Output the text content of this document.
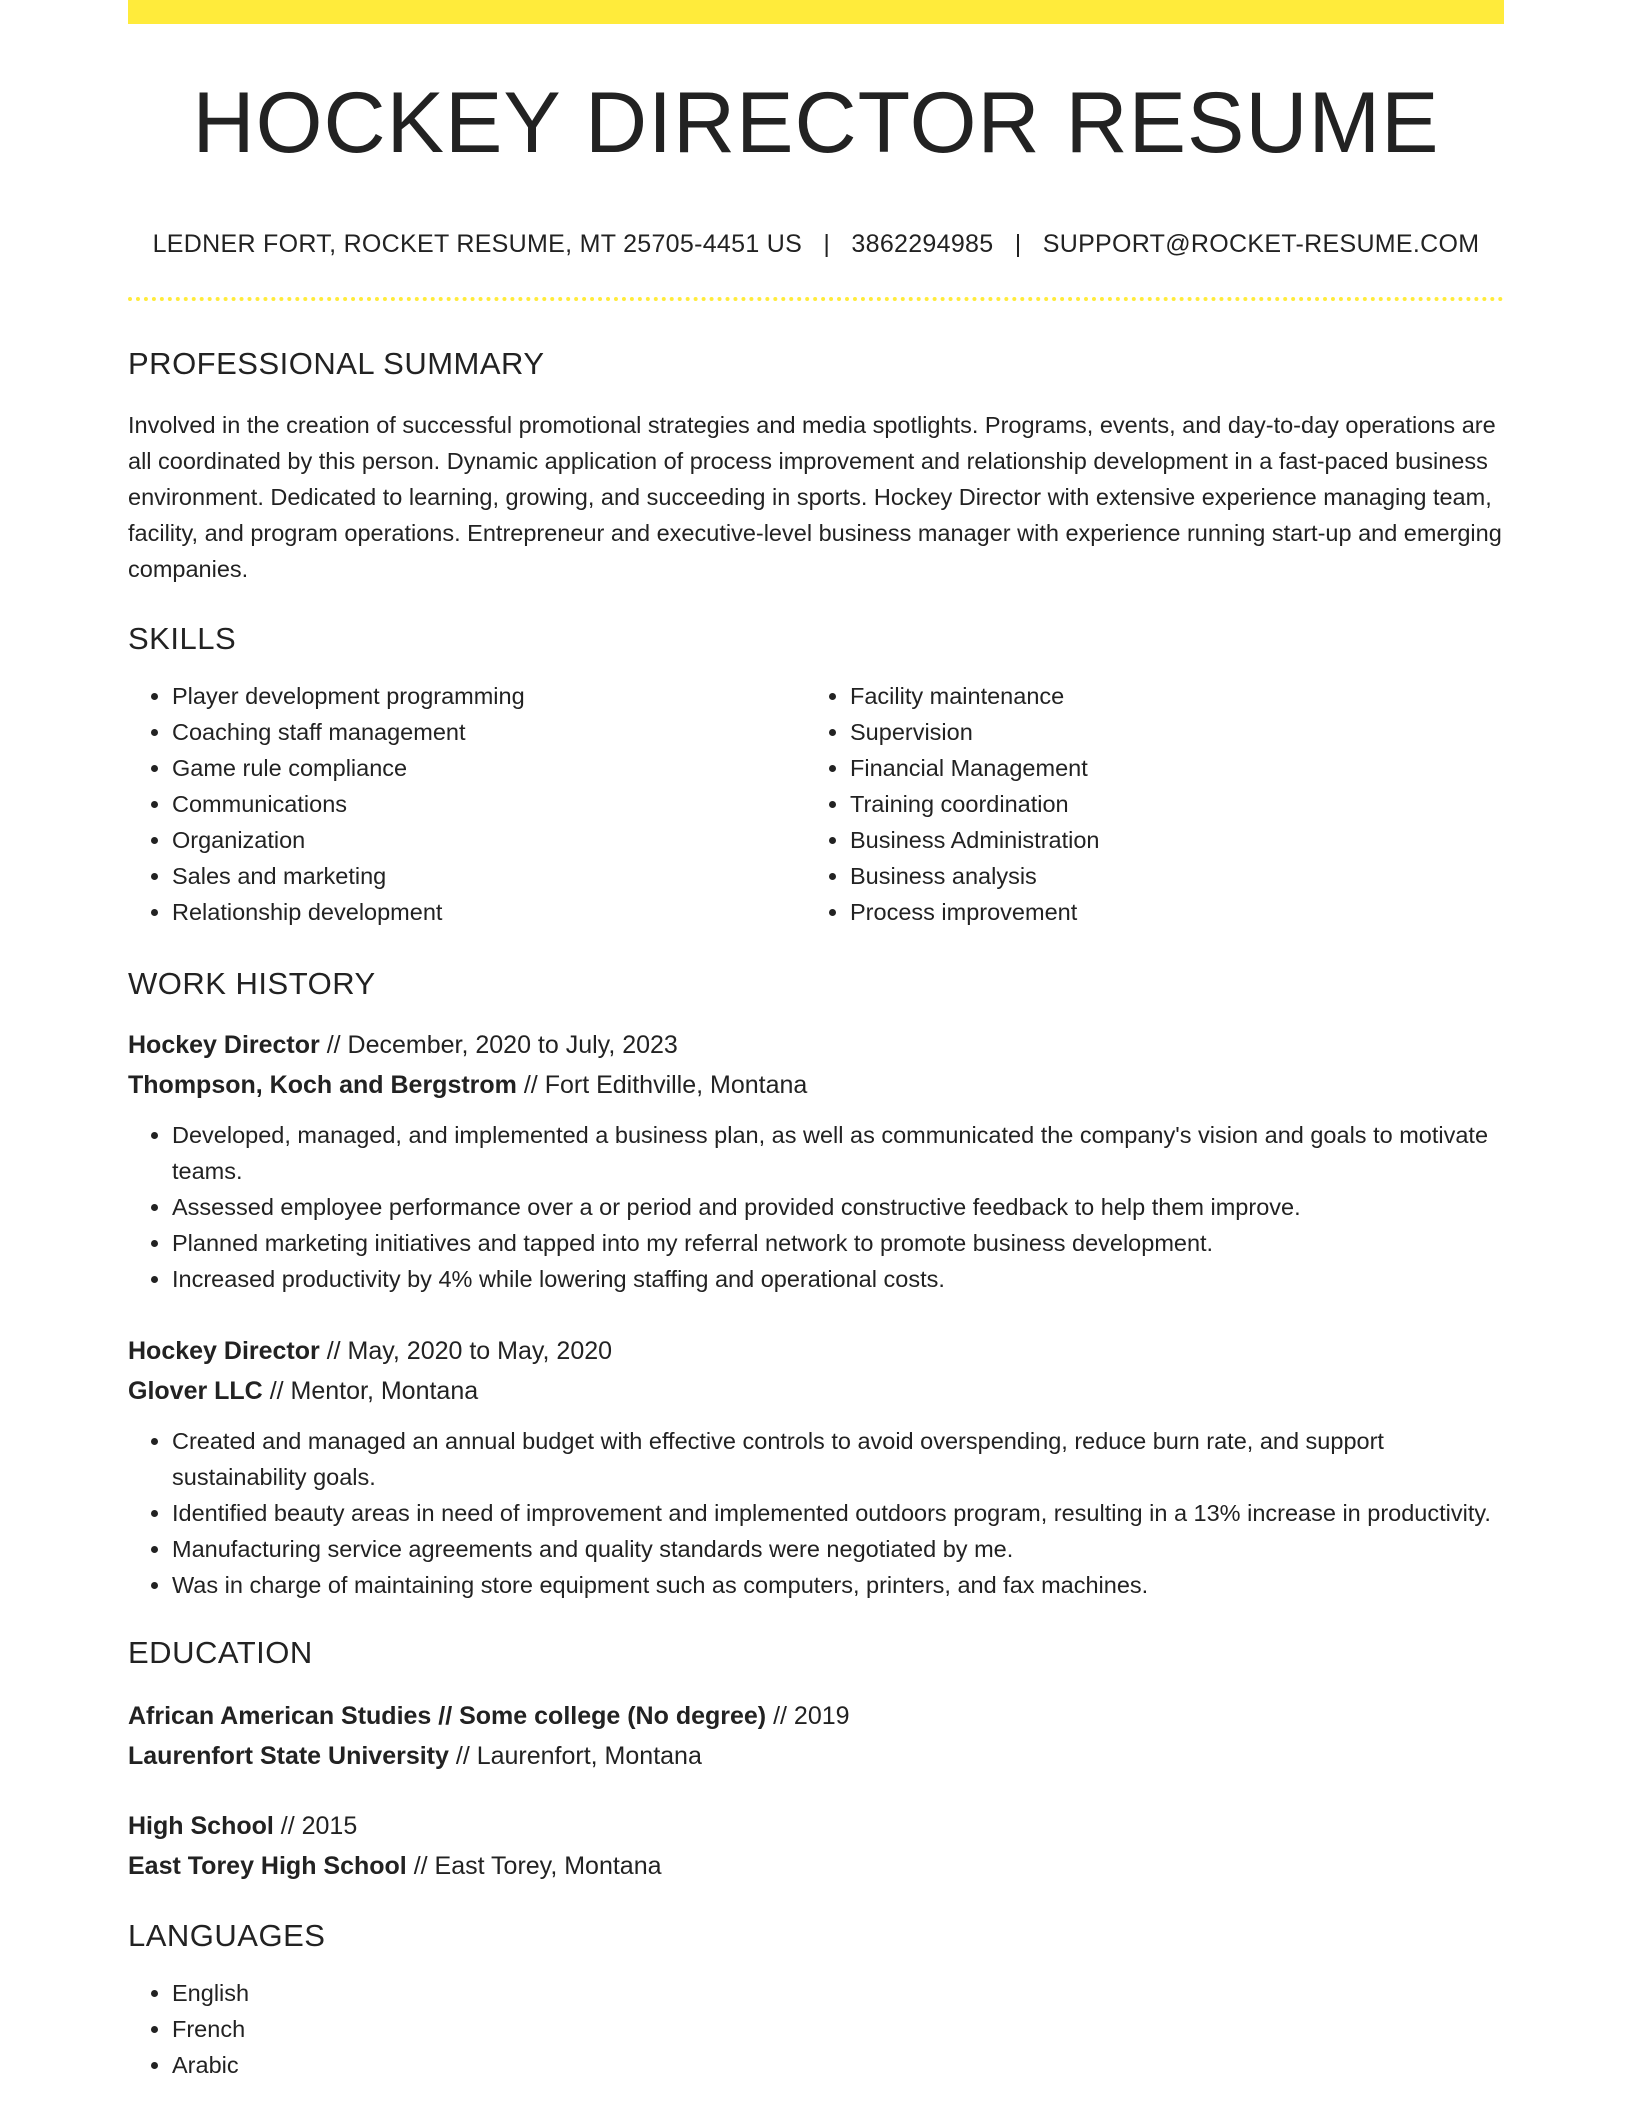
HOCKEY DIRECTOR RESUME
LEDNER FORT, ROCKET RESUME, MT 25705-4451 US | 3862294985 | SUPPORT@ROCKET-RESUME.COM
PROFESSIONAL SUMMARY

Involved in the creation of successful promotional strategies and media spotlights. Programs, events, and day-to-day operations are all coordinated by this person. Dynamic application of process improvement and relationship development in a fast-paced business environment. Dedicated to learning, growing, and succeeding in sports. Hockey Director with extensive experience managing team, facility, and program operations. Entrepreneur and executive-level business manager with experience running start-up and emerging companies.

SKILLS
• Player development programming
• Coaching staff management
• Game rule compliance
• Communications
• Organization
• Sales and marketing
• Relationship development
• Facility maintenance
• Supervision
• Financial Management
• Training coordination
• Business Administration
• Business analysis
• Process improvement
WORK HISTORY

Hockey Director // December, 2020 to July, 2023

Thompson, Koch and Bergstrom // Fort Edithville, Montana

• Developed, managed, and implemented a business plan, as well as communicated the company's vision and goals to motivate teams.
• Assessed employee performance over a or period and provided constructive feedback to help them improve.
• Planned marketing initiatives and tapped into my referral network to promote business development.
• Increased productivity by 4% while lowering staffing and operational costs.

Hockey Director // May, 2020 to May, 2020

Glover LLC // Mentor, Montana

• Created and managed an annual budget with effective controls to avoid overspending, reduce burn rate, and support sustainability goals.
• Identified beauty areas in need of improvement and implemented outdoors program, resulting in a 13% increase in productivity.
• Manufacturing service agreements and quality standards were negotiated by me.
• Was in charge of maintaining store equipment such as computers, printers, and fax machines.
EDUCATION

African American Studies // Some college (No degree) // 2019

Laurenfort State University // Laurenfort, Montana

High School // 2015

East Torey High School // East Torey, Montana

LANGUAGES
• English
• French
• Arabic
